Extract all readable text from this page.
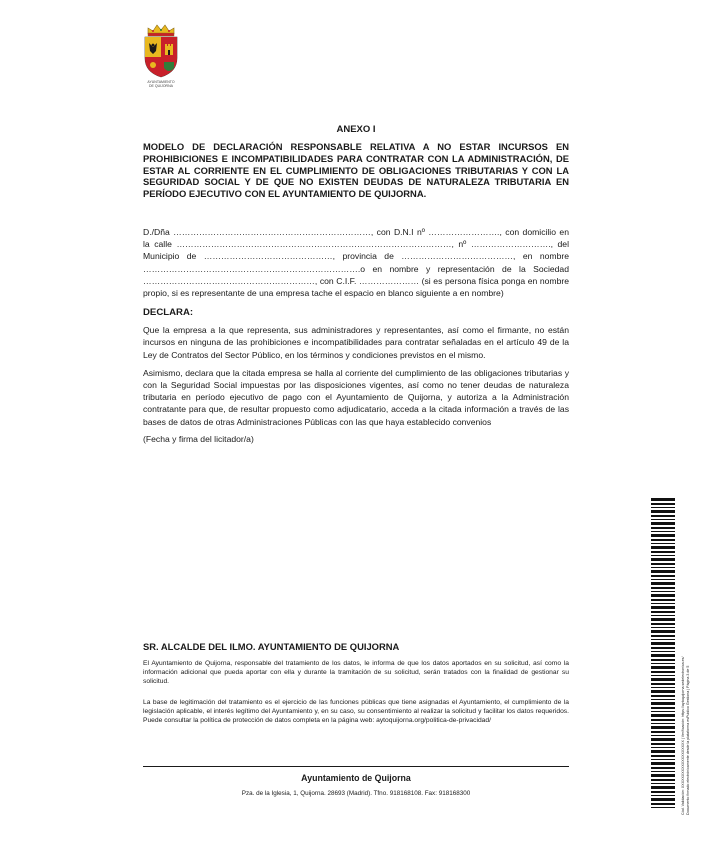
AYUNTAMIENTO
DE QUIJORNA

ANEXO I

MODELO DE DECLARACIÓN RESPONSABLE RELATIVA A NO ESTAR INCURSOS EN PROHIBICIONES E INCOMPATIBILIDADES PARA CONTRATAR CON LA ADMINISTRACIÓN, DE ESTAR AL CORRIENTE EN EL CUMPLIMIENTO DE OBLIGACIONES TRIBUTARIAS Y CON LA SEGURIDAD SOCIAL Y DE QUE NO EXISTEN DEUDAS DE NATURALEZA TRIBUTARIA EN PERÍODO EJECUTIVO CON EL AYUNTAMIENTO DE QUIJORNA.

D./Dña ……………………………………………………………, con D.N.I nº ……………………., con domicilio en la calle ……………………………………………………………………………………, nº ………………………., del Municipio de ………………………………………, provincia de …………………………………, en nombre ………………………………………………………………….o en nombre y representación de la Sociedad ……………………………………………………, con C.I.F. ………………… (si es persona física ponga en nombre propio, si es representante de una empresa tache el espacio en blanco siguiente a en nombre)

DECLARA:

Que la empresa a la que representa, sus administradores y representantes, así como el firmante, no están incursos en ninguna de las prohibiciones e incompatibilidades para contratar señaladas en el artículo 49 de la Ley de Contratos del Sector Público, en los términos y condiciones previstos en el mismo.

Asimismo, declara que la citada empresa se halla al corriente del cumplimiento de las obligaciones tributarias y con la Seguridad Social impuestas por las disposiciones vigentes, así como no tener deudas de naturaleza tributaria en período ejecutivo de pago con el Ayuntamiento de Quijorna, y autoriza a la Administración contratante para que, de resultar propuesto como adjudicatario, acceda a la citada información a través de las bases de datos de otras Administraciones Públicas con las que haya establecido convenios

(Fecha y firma del licitador/a)

SR. ALCALDE DEL ILMO. AYUNTAMIENTO DE QUIJORNA

El Ayuntamiento de Quijorna, responsable del tratamiento de los datos, le informa de que los datos aportados en su solicitud, así como la información adicional que pueda aportar con ella y durante la tramitación de su solicitud, serán tratados con la finalidad de gestionar su solicitud.

La base de legitimación del tratamiento es el ejercicio de las funciones públicas que tiene asignadas el Ayuntamiento, el cumplimiento de la legislación aplicable, el interés legítimo del Ayuntamiento y, en su caso, su consentimiento al realizar la solicitud y facilitar los datos requeridos. Puede consultar la política de protección de datos completa en la página web: aytoquijorna.org/politica-de-privacidad/

Ayuntamiento de Quijorna

Pza. de la Iglesia, 1, Quijorna. 28693 (Madrid). Tfno. 918168108. Fax: 918168300	Cód. Validación: XXXXXXXXXXXXXXXXXXXX | Verificación: https://aytoquijorna.sedelectronica.es/ Documento firmado electrónicamente desde la plataforma esPublico Gestiona | Página 3 de 5
